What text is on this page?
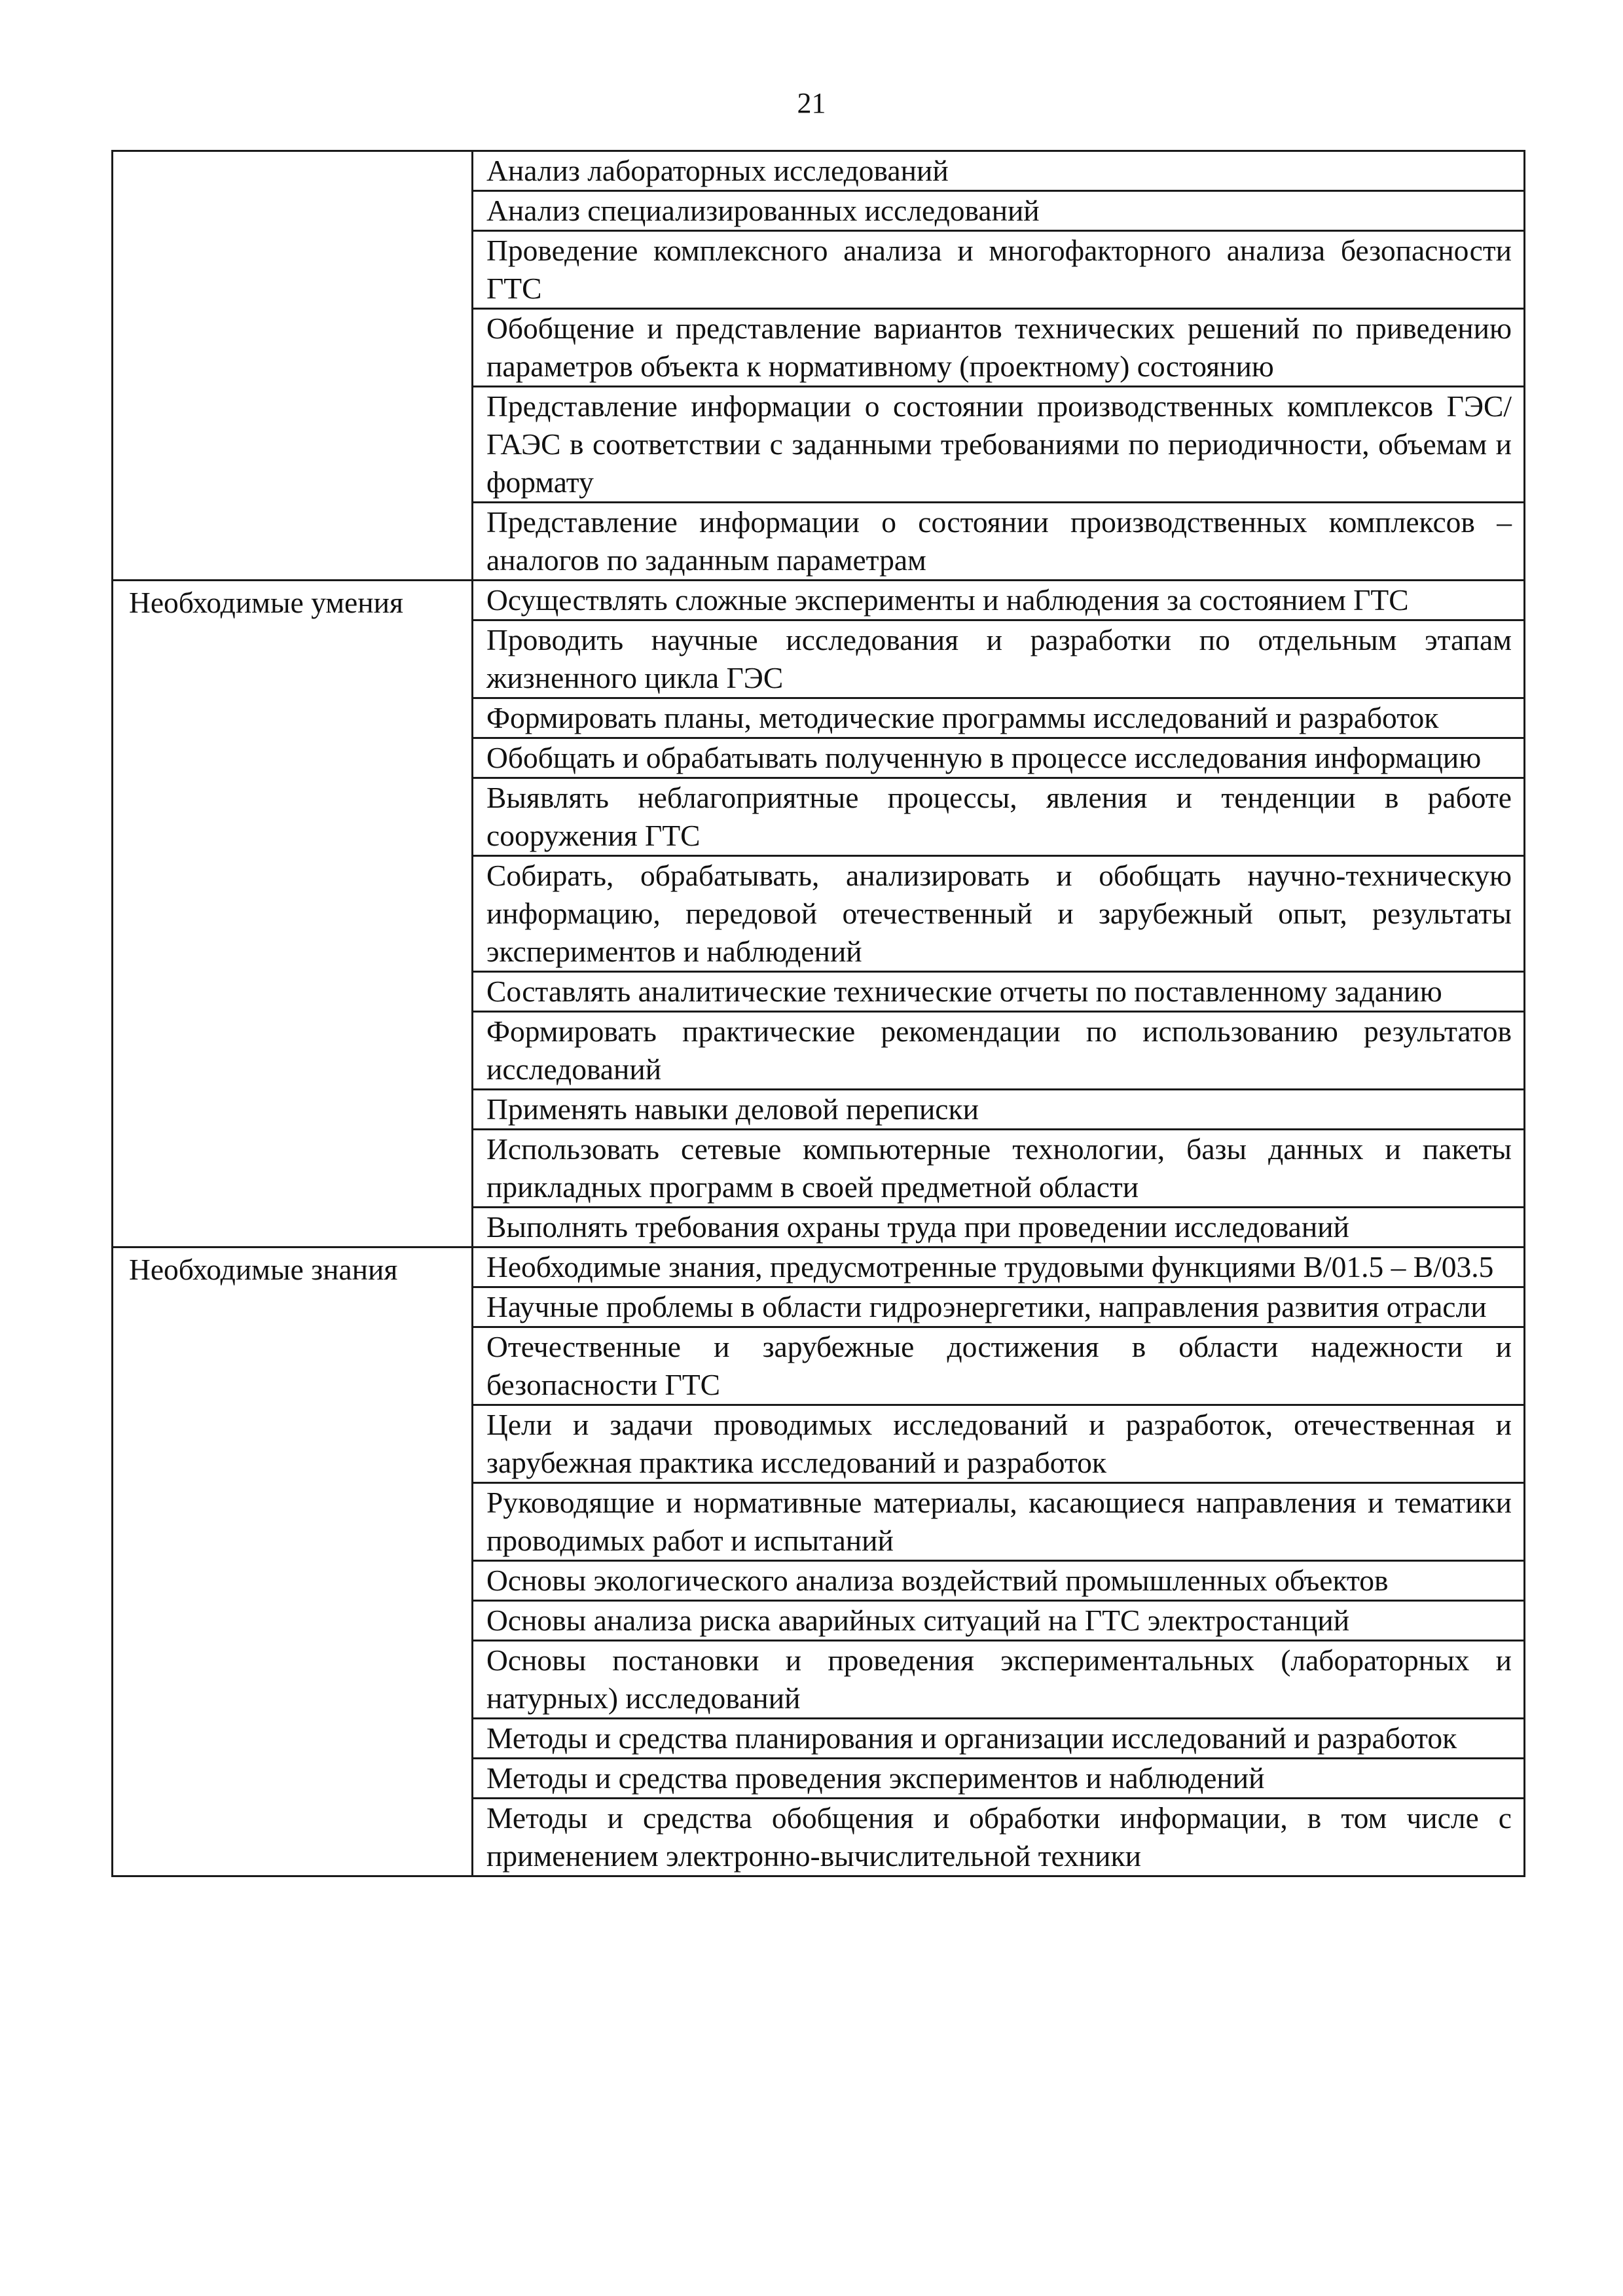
21
	Анализ лабораторных исследований
	Анализ специализированных исследований
	Проведение комплексного анализа и многофакторного анализа безопасности ГТС
	Обобщение и представление вариантов технических решений по приведению параметров объекта к нормативному (проектному) состоянию
	Представление информации о состоянии производственных комплексов ГЭС/ГАЭС в соответствии с заданными требованиями по периодичности, объемам и формату
	Представление информации о состоянии производственных комплексов – аналогов по заданным параметрам
Необходимые умения	Осуществлять сложные эксперименты и наблюдения за состоянием ГТС
	Проводить научные исследования и разработки по отдельным этапам жизненного цикла ГЭС
	Формировать планы, методические программы исследований и разработок
	Обобщать и обрабатывать полученную в процессе исследования информацию
	Выявлять неблагоприятные процессы, явления и тенденции в работе сооружения ГТС
	Собирать, обрабатывать, анализировать и обобщать научно-техническую информацию, передовой отечественный и зарубежный опыт, результаты экспериментов и наблюдений
	Составлять аналитические технические отчеты по поставленному заданию
	Формировать практические рекомендации по использованию результатов исследований
	Применять навыки деловой переписки
	Использовать сетевые компьютерные технологии, базы данных и пакеты прикладных программ в своей предметной области
	Выполнять требования охраны труда при проведении исследований
Необходимые знания	Необходимые знания, предусмотренные трудовыми функциями В/01.5 – В/03.5
	Научные проблемы в области гидроэнергетики, направления развития отрасли
	Отечественные и зарубежные достижения в области надежности и безопасности ГТС
	Цели и задачи проводимых исследований и разработок, отечественная и зарубежная практика исследований и разработок
	Руководящие и нормативные материалы, касающиеся направления и тематики проводимых работ и испытаний
	Основы экологического анализа воздействий промышленных объектов
	Основы анализа риска аварийных ситуаций на ГТС электростанций
	Основы постановки и проведения экспериментальных (лабораторных и натурных) исследований
	Методы и средства планирования и организации исследований и разработок
	Методы и средства проведения экспериментов и наблюдений
	Методы и средства обобщения и обработки информации, в том числе с применением электронно-вычислительной техники
